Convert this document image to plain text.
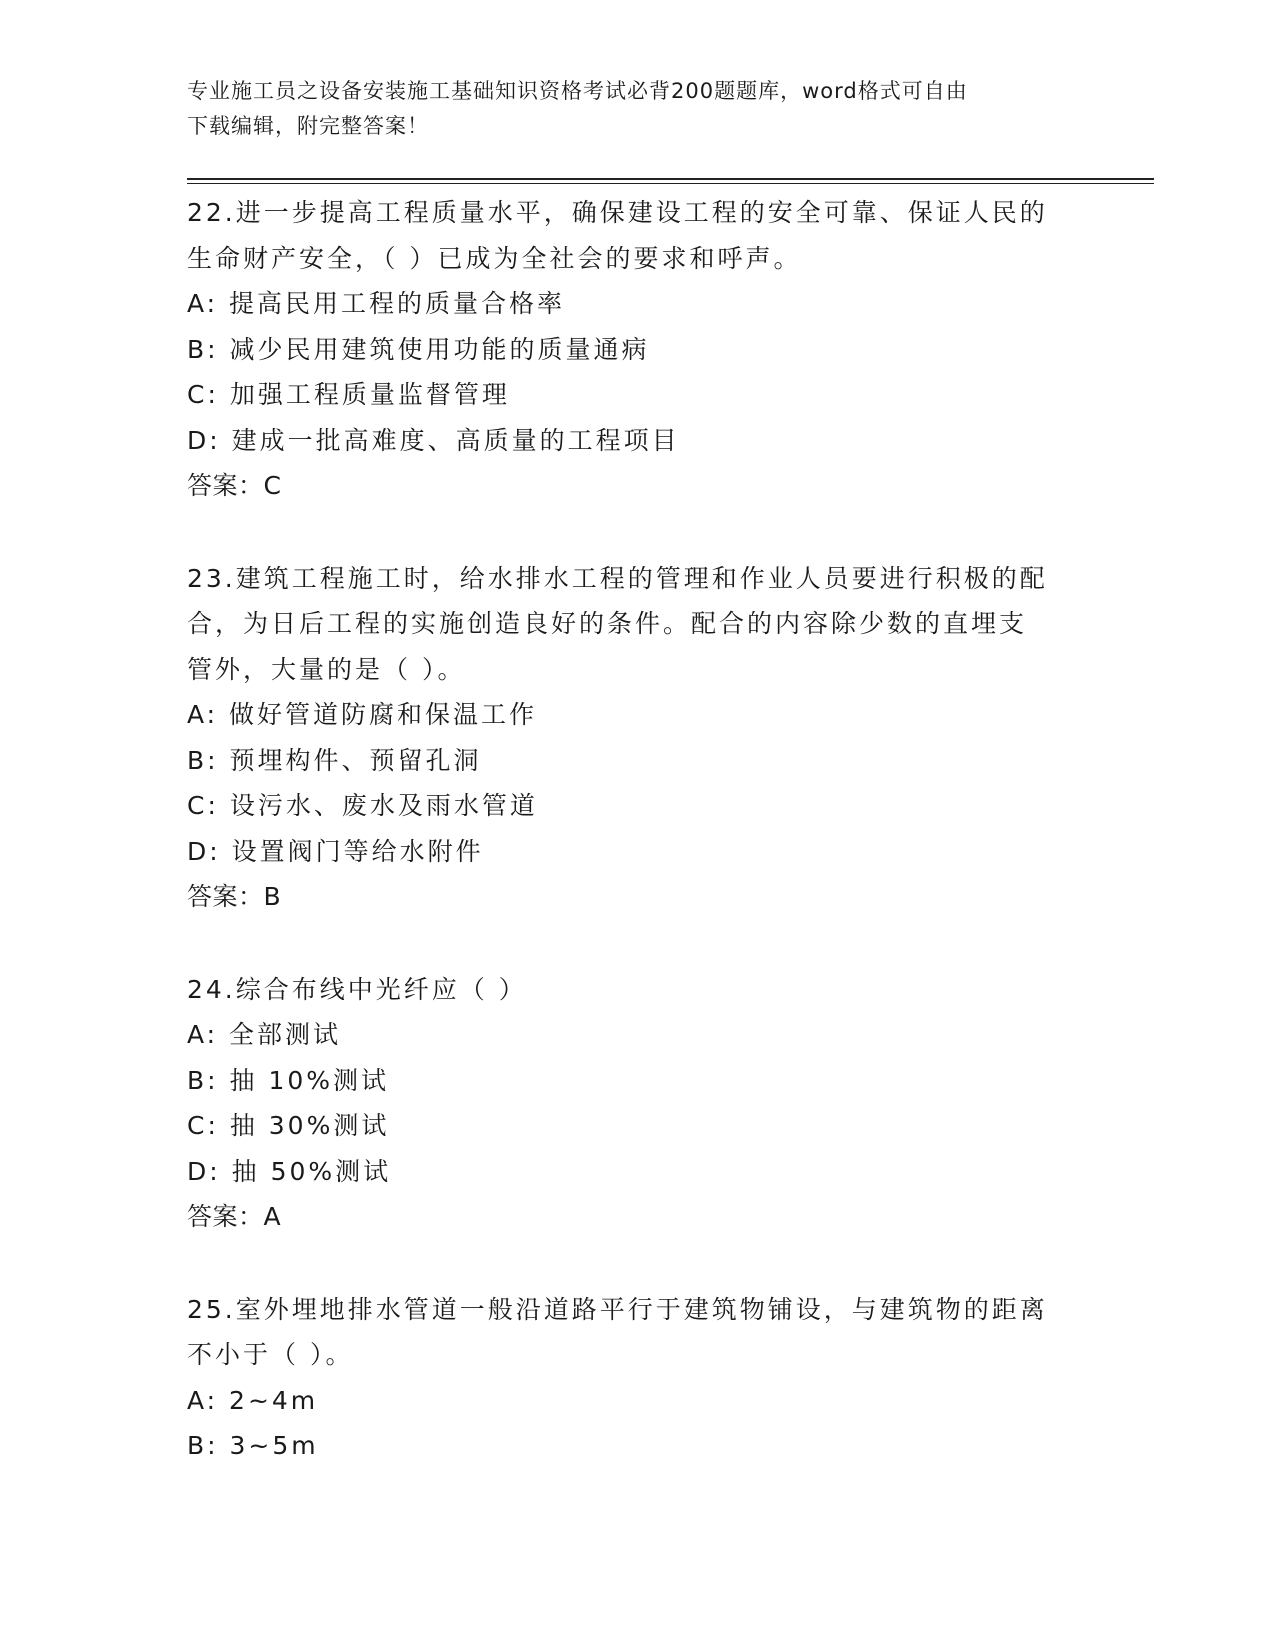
专业施工员之设备安装施工基础知识资格考试必背200题题库，word格式可自由
下载编辑，附完整答案！
22.进一步提高工程质量水平，确保建设工程的安全可靠、保证人民的
生命财产安全，（ ）已成为全社会的要求和呼声。
A: 提高民用工程的质量合格率
B: 减少民用建筑使用功能的质量通病
C: 加强工程质量监督管理
D: 建成一批高难度、高质量的工程项目
答案：C
23.建筑工程施工时，给水排水工程的管理和作业人员要进行积极的配
合，为日后工程的实施创造良好的条件。配合的内容除少数的直埋支
管外，大量的是（ ）。
A: 做好管道防腐和保温工作
B: 预埋构件、预留孔洞
C: 设污水、废水及雨水管道
D: 设置阀门等给水附件
答案：B
24.综合布线中光纤应（ ）
A: 全部测试
B: 抽 10%测试
C: 抽 30%测试
D: 抽 50%测试
答案：A
25.室外埋地排水管道一般沿道路平行于建筑物铺设，与建筑物的距离
不小于（ ）。
A: 2~4m
B: 3~5m
